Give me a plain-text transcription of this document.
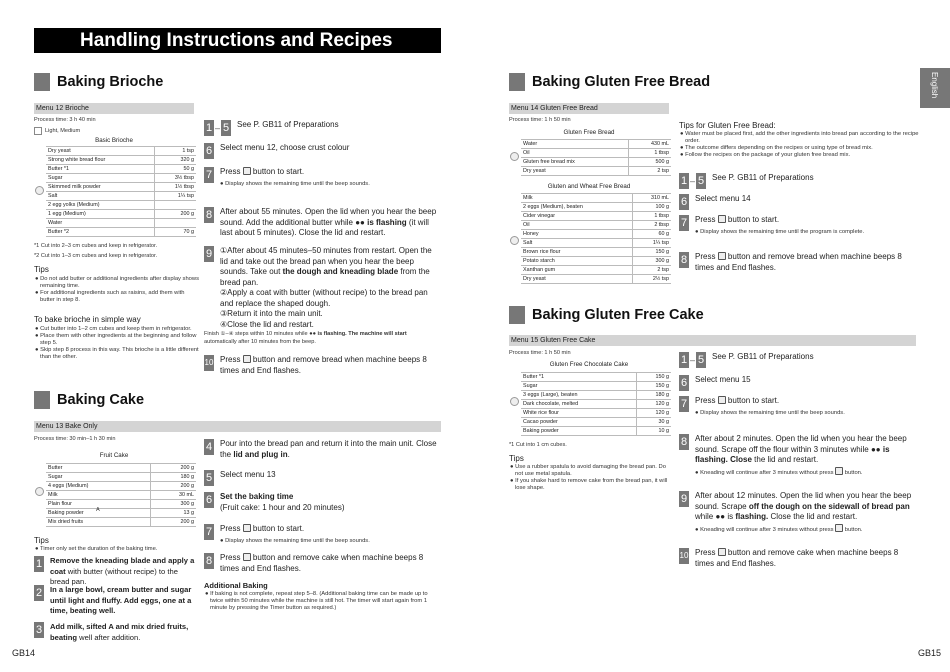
Handling Instructions and Recipes
English
Baking Brioche
Menu 12 Brioche
Process time: 3 h 40 min
Light, Medium
Basic Brioche
Dry yeast	1 tsp
Strong white bread flour	320 g
Butter *1	50 g
Sugar	3½ tbsp
Skimmed milk powder	1½ tbsp
Salt	1¼ tsp
2 egg yolks (Medium)	
1 egg (Medium)	200 g
Water	
Butter *2	70 g
*1 Cut into 2–3 cm cubes and keep in refrigerator.
*2 Cut into 1–3 cm cubes and keep in refrigerator.
Tips
● Do not add butter or additional ingredients after display shows remaining time.
● For additional ingredients such as raisins, add them with butter in step 8.
To bake brioche in simple way
● Cut butter into 1–2 cm cubes and keep them in refrigerator.
● Place them with other ingredients at the beginning and follow step 5.
● Skip step 8 process in this way. This brioche is a little different than the other.
1 – 5 See P. GB11 of Preparations
6 Select menu 12, choose crust colour
7 Press button to start.
● Display shows the remaining time until the beep sounds.
8 After about 55 minutes. Open the lid when you hear the beep sound. Add the additional butter while ●● is flashing (it will last about 5 minutes). Close the lid and restart.
9 ①After about 45 minutes–50 minutes from restart. Open the lid and take out the bread pan when you hear the beep sounds. Take out the dough and kneading blade from the bread pan.
②Apply a coat with butter (without recipe) to the bread pan and replace the shaped dough.
③Return it into the main unit.
④Close the lid and restart.
Finish ①–④ steps within 10 minutes while ●● is flashing. The machine will start
automatically after 10 minutes from the beep.
10 Press button and remove bread when machine beeps 8 times and End flashes.
Baking Cake
Menu 13 Bake Only
Process time: 30 min–1 h 30 min
Fruit Cake
Butter	200 g
Sugar	180 g
4 eggs (Medium)	200 g
Milk	30 mL
Plain flour	300 g
Baking powder	13 g
Mix dried fruits	200 g
A
Tips
● Timer only set the duration of the baking time.
1 Remove the kneading blade and apply a coat with butter (without recipe) to the bread pan.
2 In a large bowl, cream butter and sugar until light and fluffy. Add eggs, one at a time, beating well.
3 Add milk, sifted A and mix dried fruits, beating well after addition.
4 Pour into the bread pan and return it into the main unit. Close the lid and plug in.
5 Select menu 13
6 Set the baking time
(Fruit cake: 1 hour and 20 minutes)
7 Press button to start.
● Display shows the remaining time until the beep sounds.
8 Press button and remove cake when machine beeps 8 times and End flashes.
Additional Baking
● If baking is not complete, repeat step 5–8. (Additional baking time can be made up to twice within 50 minutes while the machine is still hot. The timer will start again from 1 minute by pressing the Timer button as required.)
GB14
Baking Gluten Free Bread
Menu 14 Gluten Free Bread
Process time: 1 h 50 min
Gluten Free Bread
Water	430 mL
Oil	1 tbsp
Gluten free bread mix	500 g
Dry yeast	2 tsp
Gluten and Wheat Free Bread
Milk	310 mL
2 eggs (Medium), beaten	100 g
Cider vinegar	1 tbsp
Oil	2 tbsp
Honey	60 g
Salt	1¼ tsp
Brown rice flour	150 g
Potato starch	300 g
Xanthan gum	2 tsp
Dry yeast	2½ tsp
Tips for Gluten Free Bread:
● Water must be placed first, add the other ingredients into bread pan according to the recipe order.
● The outcome differs depending on the recipes or using type of bread mix.
● Follow the recipes on the package of your gluten free bread mix.
1 – 5 See P. GB11 of Preparations
6 Select menu 14
7 Press button to start.
● Display shows the remaining time until the program is complete.
8 Press button and remove bread when machine beeps 8 times and End flashes.
Baking Gluten Free Cake
Menu 15 Gluten Free Cake
Process time: 1 h 50 min
Gluten Free Chocolate Cake
Butter *1	150 g
Sugar	150 g
3 eggs (Large), beaten	180 g
Dark chocolate, melted	120 g
White rice flour	120 g
Cacao powder	30 g
Baking powder	10 g
*1 Cut into 1 cm cubes.
Tips
● Use a rubber spatula to avoid damaging the bread pan. Do not use metal spatula.
● If you shake hard to remove cake from the bread pan, it will lose shape.
1 – 5 See P. GB11 of Preparations
6 Select menu 15
7 Press button to start.
● Display shows the remaining time until the beep sounds.
8 After about 2 minutes. Open the lid when you hear the beep sound. Scrape off the flour within 3 minutes while ●● is flashing. Close the lid and restart.
● Kneading will continue after 3 minutes without press button.
9 After about 12 minutes. Open the lid when you hear the beep sound. Scrape off the dough on the sidewall of bread pan while ●● is flashing. Close the lid and restart.
● Kneading will continue after 3 minutes without press button.
10 Press button and remove cake when machine beeps 8 times and End flashes.
GB15
